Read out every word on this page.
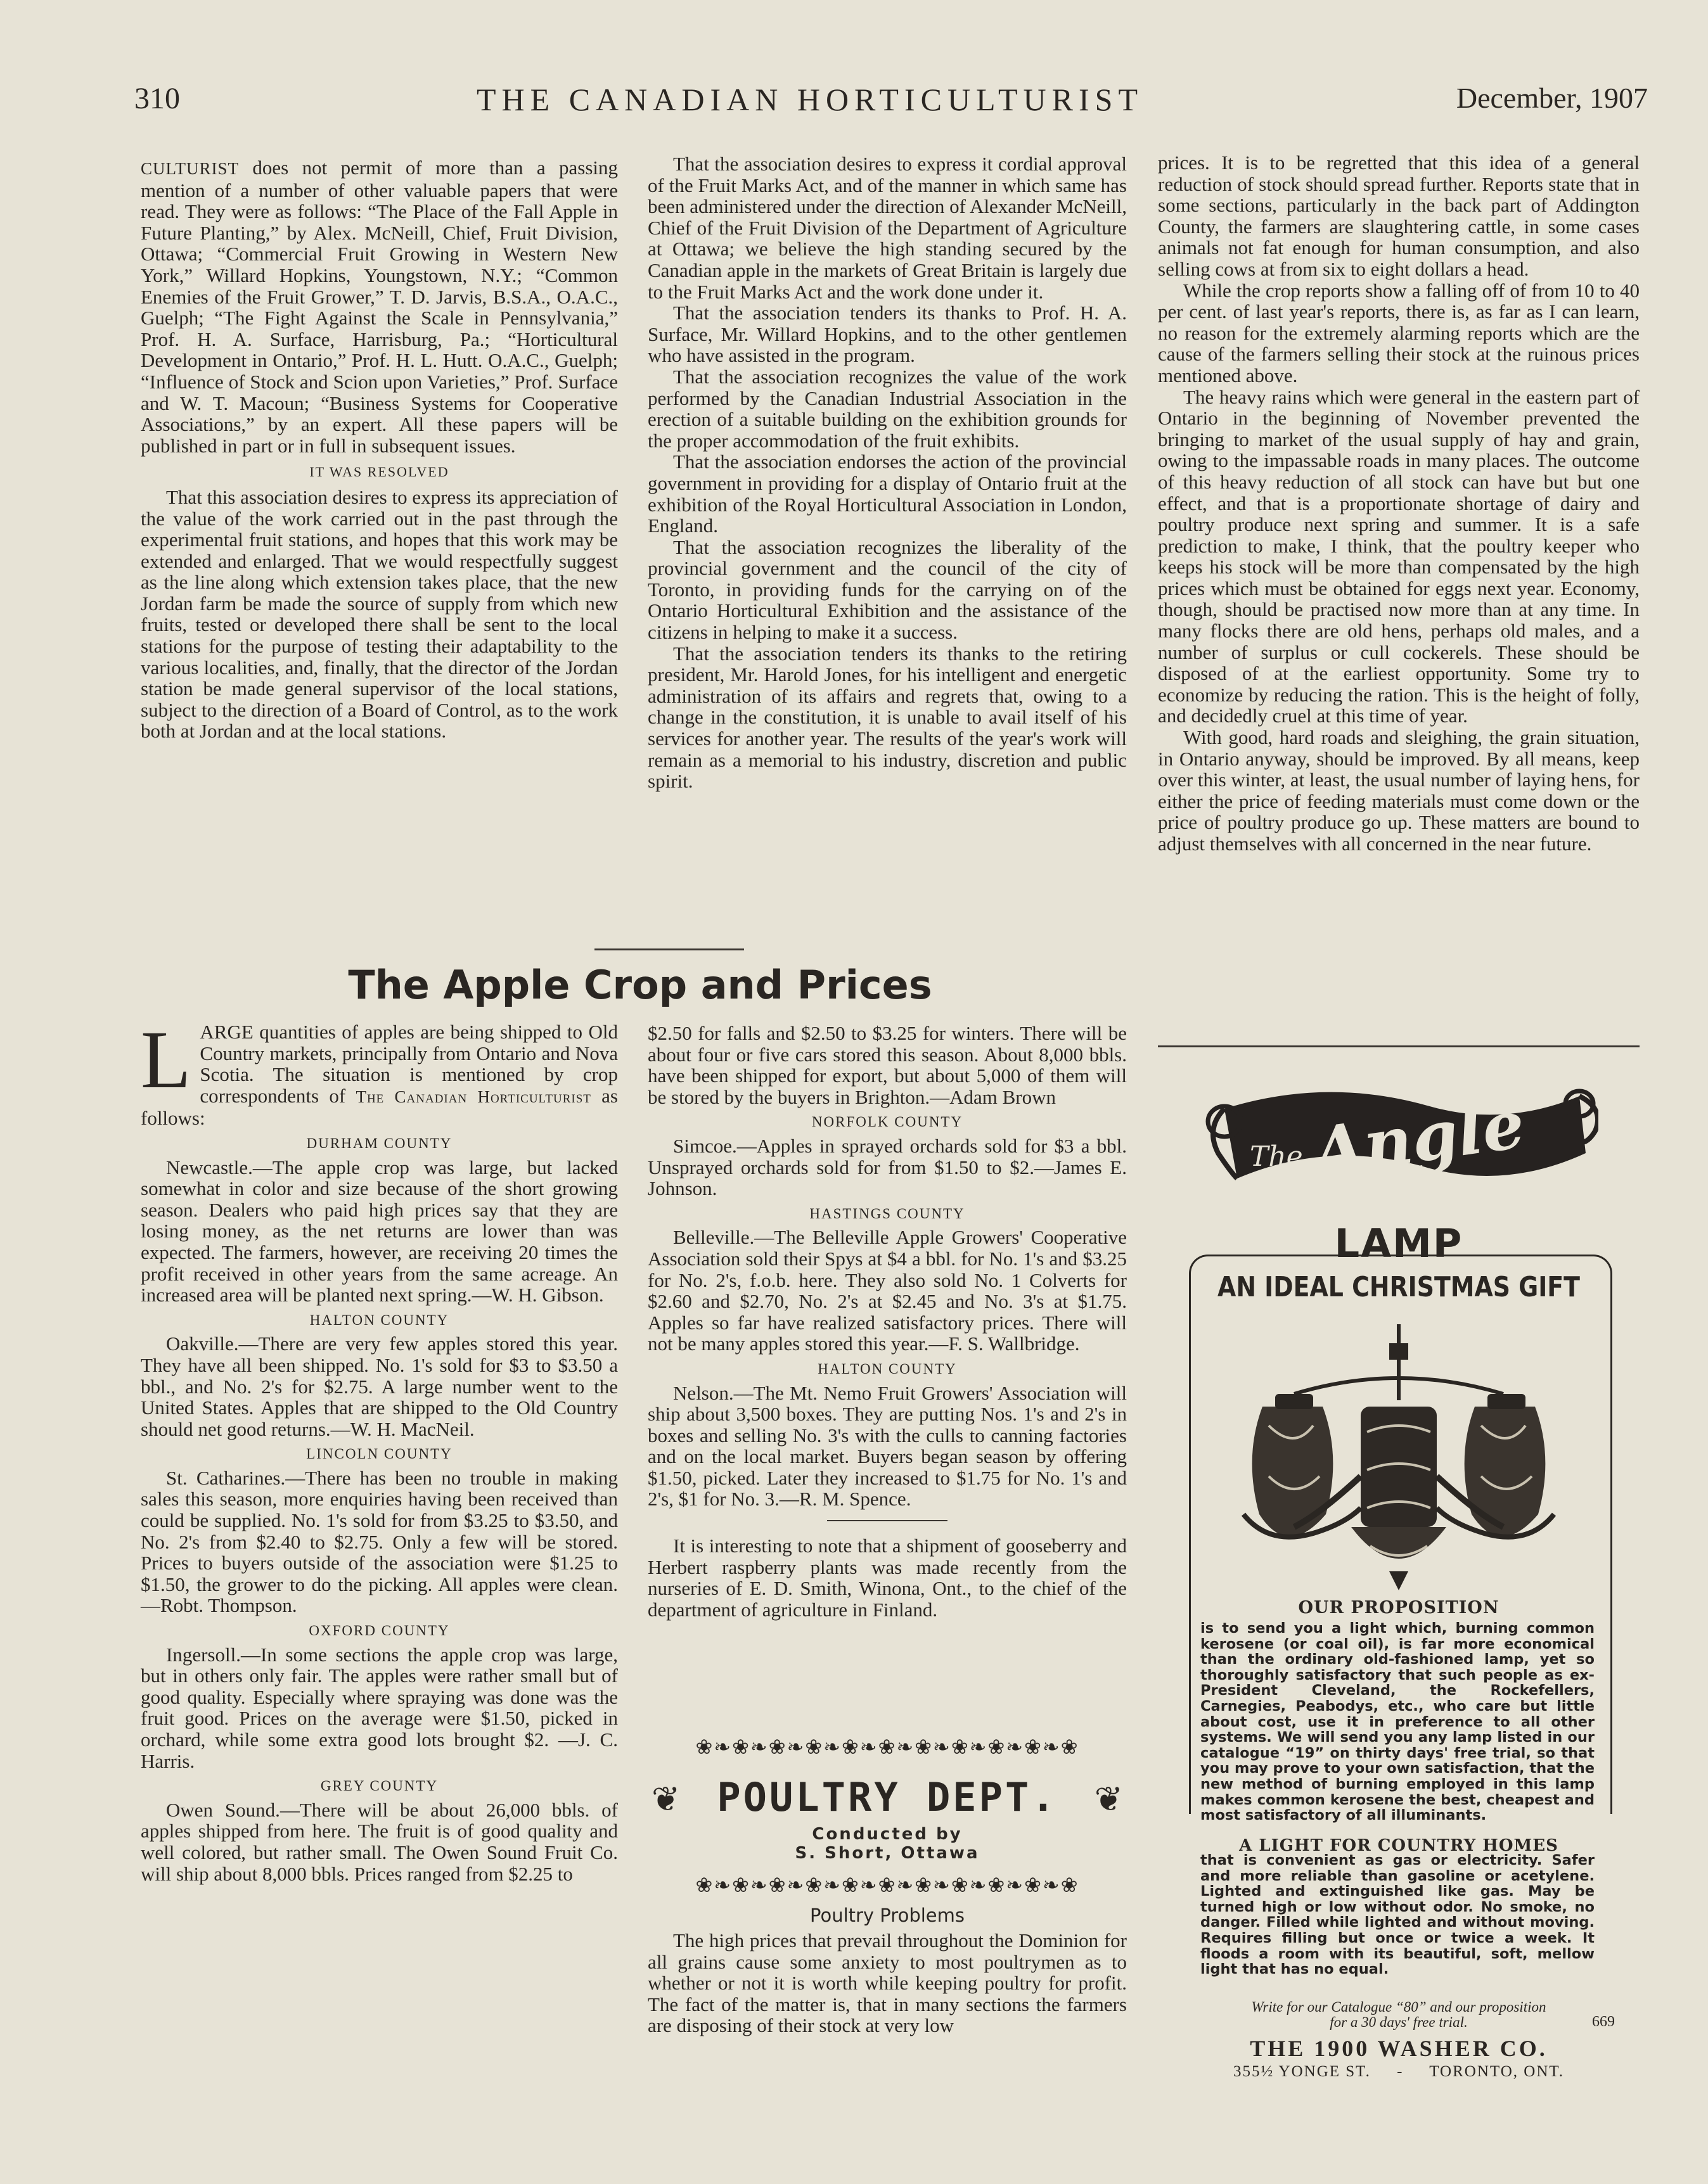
310	THE CANADIAN HORTICULTURIST	December, 1907

CULTURIST does not permit of more than a passing mention of a number of other valuable papers that were read. They were as follows: “The Place of the Fall Apple in Future Planting,” by Alex. McNeill, Chief, Fruit Division, Ottawa; “Commercial Fruit Growing in Western New York,” Willard Hopkins, Youngstown, N.Y.; “Common Enemies of the Fruit Grower,” T. D. Jarvis, B.S.A., O.A.C., Guelph; “The Fight Against the Scale in Pennsylvania,” Prof. H. A. Surface, Harrisburg, Pa.; “Horticultural Development in Ontario,” Prof. H. L. Hutt. O.A.C., Guelph; “Influence of Stock and Scion upon Varieties,” Prof. Surface and W. T. Macoun; “Business Systems for Cooperative Associations,” by an expert. All these papers will be published in part or in full in subsequent issues.

IT WAS RESOLVED

That this association desires to express its appreciation of the value of the work carried out in the past through the experimental fruit stations, and hopes that this work may be extended and enlarged. That we would respectfully suggest as the line along which extension takes place, that the new Jordan farm be made the source of supply from which new fruits, tested or developed there shall be sent to the local stations for the purpose of testing their adaptability to the various localities, and, finally, that the director of the Jordan station be made general supervisor of the local stations, subject to the direction of a Board of Control, as to the work both at Jordan and at the local stations.

That the association desires to express it cordial approval of the Fruit Marks Act, and of the manner in which same has been administered under the direction of Alexander McNeill, Chief of the Fruit Division of the Department of Agriculture at Ottawa; we believe the high standing secured by the Canadian apple in the markets of Great Britain is largely due to the Fruit Marks Act and the work done under it.

That the association tenders its thanks to Prof. H. A. Surface, Mr. Willard Hopkins, and to the other gentlemen who have assisted in the program.

That the association recognizes the value of the work performed by the Canadian Industrial Association in the erection of a suitable building on the exhibition grounds for the proper accommodation of the fruit exhibits.

That the association endorses the action of the provincial government in providing for a display of Ontario fruit at the exhibition of the Royal Horticultural Association in London, England.

That the association recognizes the liberality of the provincial government and the council of the city of Toronto, in providing funds for the carrying on of the Ontario Horticultural Exhibition and the assistance of the citizens in helping to make it a success.

That the association tenders its thanks to the retiring president, Mr. Harold Jones, for his intelligent and energetic administration of its affairs and regrets that, owing to a change in the constitution, it is unable to avail itself of his services for another year. The results of the year's work will remain as a memorial to his industry, discretion and public spirit.

prices. It is to be regretted that this idea of a general reduction of stock should spread further. Reports state that in some sections, particularly in the back part of Addington County, the farmers are slaughtering cattle, in some cases animals not fat enough for human consumption, and also selling cows at from six to eight dollars a head.

While the crop reports show a falling off of from 10 to 40 per cent. of last year's reports, there is, as far as I can learn, no reason for the extremely alarming reports which are the cause of the farmers selling their stock at the ruinous prices mentioned above.

The heavy rains which were general in the eastern part of Ontario in the beginning of November prevented the bringing to market of the usual supply of hay and grain, owing to the impassable roads in many places. The outcome of this heavy reduction of all stock can have but but one effect, and that is a proportionate shortage of dairy and poultry produce next spring and summer. It is a safe prediction to make, I think, that the poultry keeper who keeps his stock will be more than compensated by the high prices which must be obtained for eggs next year. Economy, though, should be practised now more than at any time. In many flocks there are old hens, perhaps old males, and a number of surplus or cull cockerels. These should be disposed of at the earliest opportunity. Some try to economize by reducing the ration. This is the height of folly, and decidedly cruel at this time of year.

With good, hard roads and sleighing, the grain situation, in Ontario anyway, should be improved. By all means, keep over this winter, at least, the usual number of laying hens, for either the price of feeding materials must come down or the price of poultry produce go up. These matters are bound to adjust themselves with all concerned in the near future.

The Apple Crop and Prices

LARGE quantities of apples are being shipped to Old Country markets, principally from Ontario and Nova Scotia. The situation is mentioned by crop correspondents of The Canadian Horticulturist as follows:

DURHAM COUNTY

Newcastle.—The apple crop was large, but lacked somewhat in color and size because of the short growing season. Dealers who paid high prices say that they are losing money, as the net returns are lower than was expected. The farmers, however, are receiving 20 times the profit received in other years from the same acreage. An increased area will be planted next spring.—W. H. Gibson.

HALTON COUNTY

Oakville.—There are very few apples stored this year. They have all been shipped. No. 1's sold for $3 to $3.50 a bbl., and No. 2's for $2.75. A large number went to the United States. Apples that are shipped to the Old Country should net good returns.—W. H. MacNeil.

LINCOLN COUNTY

St. Catharines.—There has been no trouble in making sales this season, more enquiries having been received than could be supplied. No. 1's sold for from $3.25 to $3.50, and No. 2's from $2.40 to $2.75. Only a few will be stored. Prices to buyers outside of the association were $1.25 to $1.50, the grower to do the picking. All apples were clean.—Robt. Thompson.

OXFORD COUNTY

Ingersoll.—In some sections the apple crop was large, but in others only fair. The apples were rather small but of good quality. Especially where spraying was done was the fruit good. Prices on the average were $1.50, picked in orchard, while some extra good lots brought $2. —J. C. Harris.

GREY COUNTY

Owen Sound.—There will be about 26,000 bbls. of apples shipped from here. The fruit is of good quality and well colored, but rather small. The Owen Sound Fruit Co. will ship about 8,000 bbls. Prices ranged from $2.25 to

$2.50 for falls and $2.50 to $3.25 for winters. There will be about four or five cars stored this season. About 8,000 bbls. have been shipped for export, but about 5,000 of them will be stored by the buyers in Brighton.—Adam Brown

NORFOLK COUNTY

Simcoe.—Apples in sprayed orchards sold for $3 a bbl. Unsprayed orchards sold for from $1.50 to $2.—James E. Johnson.

HASTINGS COUNTY

Belleville.—The Belleville Apple Growers' Cooperative Association sold their Spys at $4 a bbl. for No. 1's and $3.25 for No. 2's, f.o.b. here. They also sold No. 1 Colverts for $2.60 and $2.70, No. 2's at $2.45 and No. 3's at $1.75. Apples so far have realized satisfactory prices. There will not be many apples stored this year.—F. S. Wallbridge.

HALTON COUNTY

Nelson.—The Mt. Nemo Fruit Growers' Association will ship about 3,500 boxes. They are putting Nos. 1's and 2's in boxes and selling No. 3's with the culls to canning factories and on the local market. Buyers began season by offering $1.50, picked. Later they increased to $1.75 for No. 1's and 2's, $1 for No. 3.—R. M. Spence.

It is interesting to note that a shipment of gooseberry and Herbert raspberry plants was made recently from the nurseries of E. D. Smith, Winona, Ont., to the chief of the department of agriculture in Finland.

❀❧❀❧❀❧❀❧❀❧❀❧❀❧❀❧❀❧❀❧❀
❦	❦
POULTRY DEPT.
Conducted by
S. Short, Ottawa
❀❧❀❧❀❧❀❧❀❧❀❧❀❧❀❧❀❧❀❧❀
Poultry Problems

The high prices that prevail throughout the Dominion for all grains cause some anxiety to most poultrymen as to whether or not it is worth while keeping poultry for profit. The fact of the matter is, that in many sections the farmers are disposing of their stock at very low

The Angle
LAMP
AN IDEAL CHRISTMAS GIFT
OUR PROPOSITION
is to send you a light which, burning common kerosene (or coal oil), is far more economical than the ordinary old-fashioned lamp, yet so thoroughly satisfactory that such people as ex-President Cleveland, the Rockefellers, Carnegies, Peabodys, etc., who care but little about cost, use it in preference to all other systems. We will send you any lamp listed in our catalogue “19” on thirty days' free trial, so that you may prove to your own satisfaction, that the new method of burning employed in this lamp makes common kerosene the best, cheapest and most satisfactory of all illuminants.
A LIGHT FOR COUNTRY HOMES
that is convenient as gas or electricity. Safer and more reliable than gasoline or acetylene. Lighted and extinguished like gas. May be turned high or low without odor. No smoke, no danger. Filled while lighted and without moving. Requires filling but once or twice a week. It floods a room with its beautiful, soft, mellow light that has no equal.
Write for our Catalogue “80” and our proposition
for a 30 days' free trial.	669
THE 1900 WASHER CO.
355½ YONGE ST. - TORONTO, ONT.
